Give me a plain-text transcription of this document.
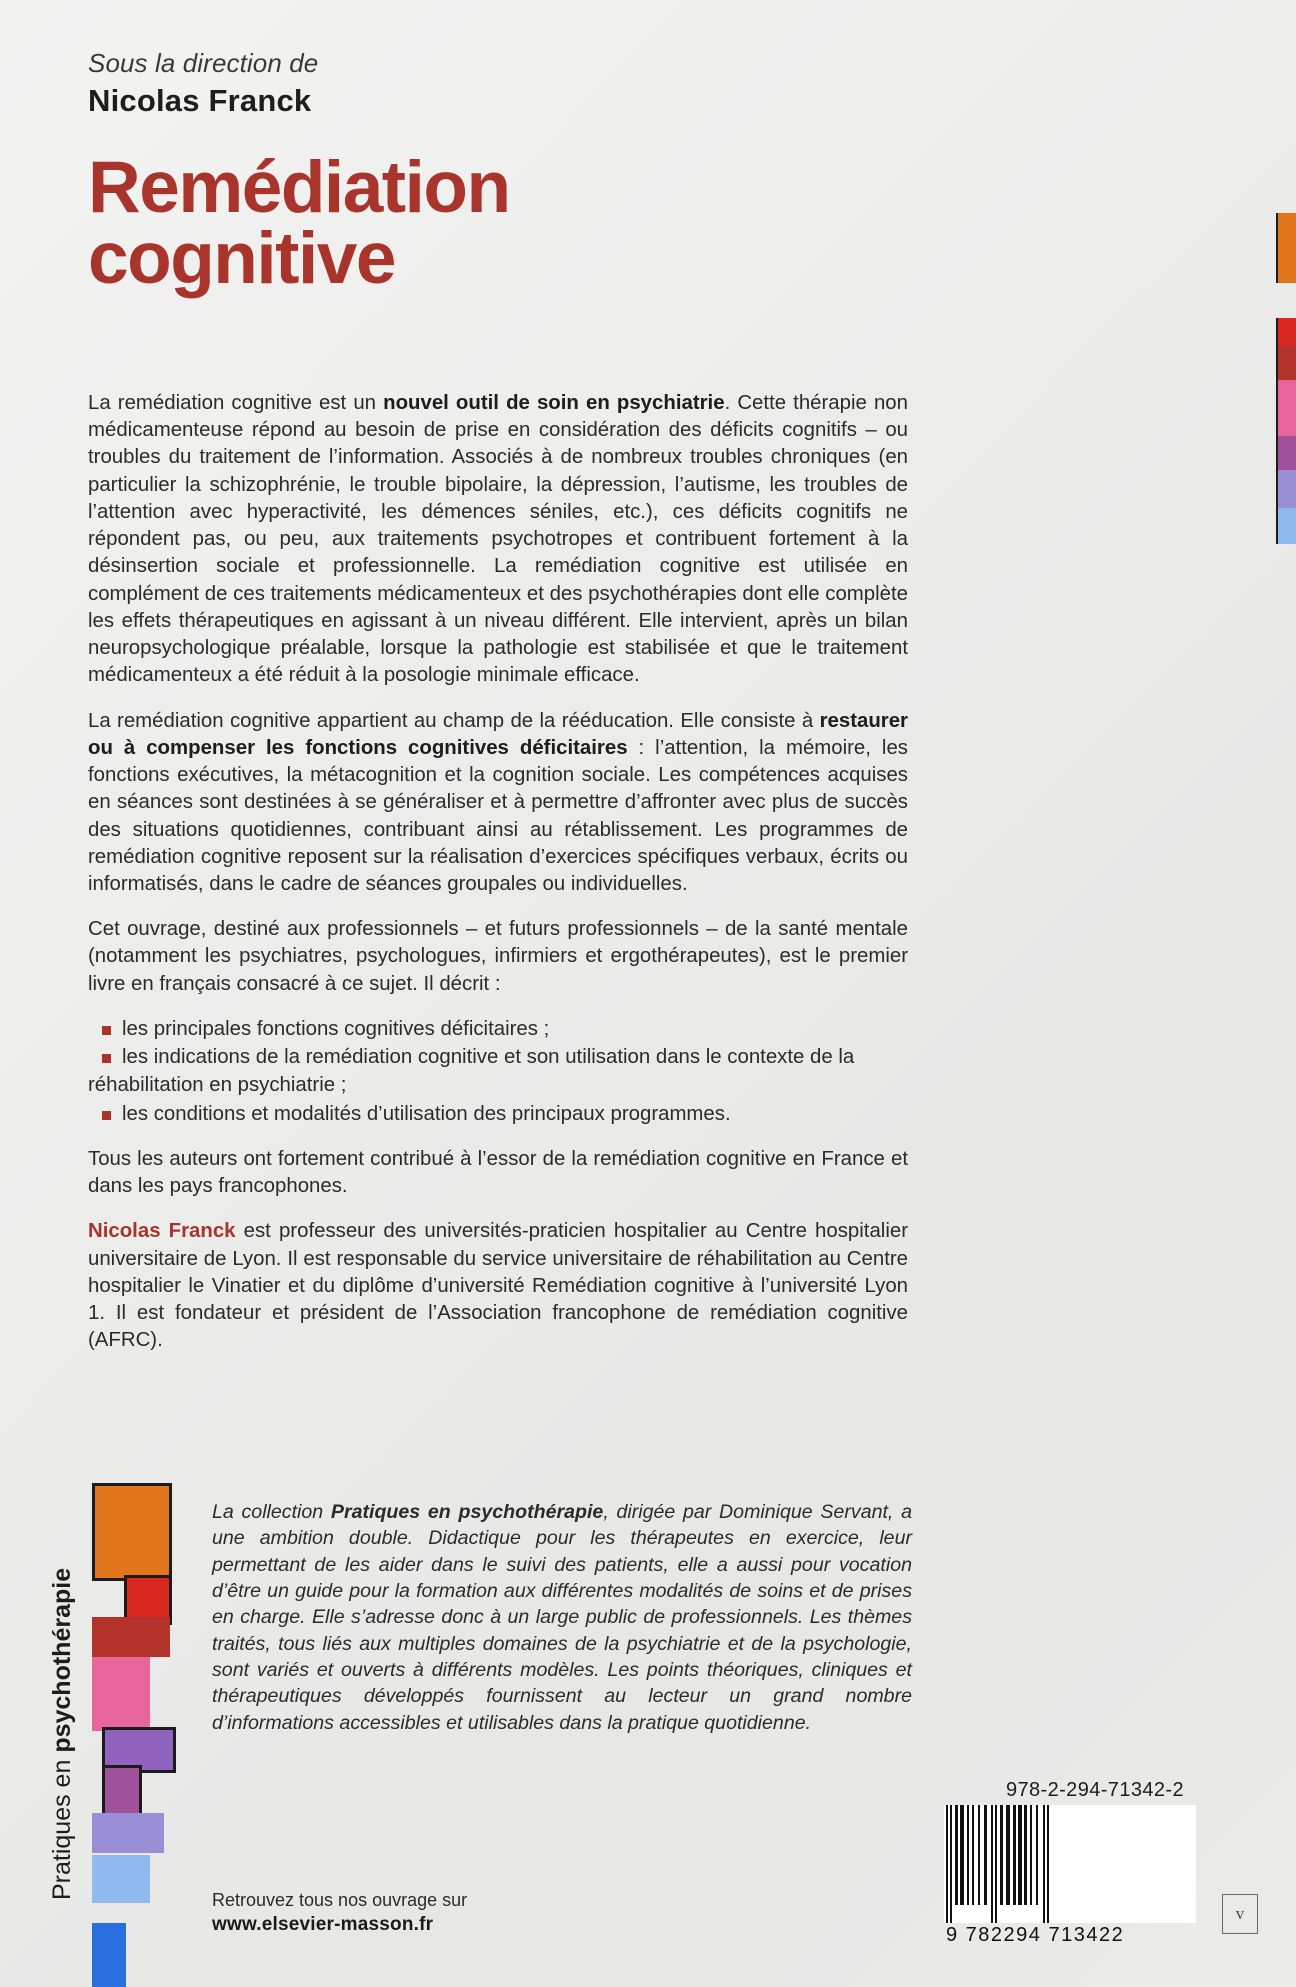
Sous la direction de
Nicolas Franck
Remédiation
cognitive

La remédiation cognitive est un nouvel outil de soin en psychiatrie. Cette thérapie non médicamenteuse répond au besoin de prise en considération des déficits cognitifs – ou troubles du traitement de l’information. Associés à de nombreux troubles chroniques (en particulier la schizophrénie, le trouble bipolaire, la dépression, l’autisme, les troubles de l’attention avec hyperactivité, les démences séniles, etc.), ces déficits cognitifs ne répondent pas, ou peu, aux traitements psychotropes et contribuent fortement à la désinsertion sociale et professionnelle. La remédiation cognitive est utilisée en complément de ces traitements médicamenteux et des psychothérapies dont elle complète les effets thérapeutiques en agissant à un niveau différent. Elle intervient, après un bilan neuropsychologique préalable, lorsque la pathologie est stabilisée et que le traitement médicamenteux a été réduit à la posologie minimale efficace.

La remédiation cognitive appartient au champ de la rééducation. Elle consiste à restaurer ou à compenser les fonctions cognitives déficitaires : l’attention, la mémoire, les fonctions exécutives, la métacognition et la cognition sociale. Les compétences acquises en séances sont destinées à se généraliser et à permettre d’affronter avec plus de succès des situations quotidiennes, contribuant ainsi au rétablissement. Les programmes de remédiation cognitive reposent sur la réalisation d’exercices spécifiques verbaux, écrits ou informatisés, dans le cadre de séances groupales ou individuelles.

Cet ouvrage, destiné aux professionnels – et futurs professionnels – de la santé mentale (notamment les psychiatres, psychologues, infirmiers et ergothérapeutes), est le premier livre en français consacré à ce sujet. Il décrit :

les principales fonctions cognitives déficitaires ;
les indications de la remédiation cognitive et son utilisation dans le contexte de la
réhabilitation en psychiatrie ;
les conditions et modalités d’utilisation des principaux programmes.

Tous les auteurs ont fortement contribué à l’essor de la remédiation cognitive en France et dans les pays francophones.

Nicolas Franck est professeur des universités-praticien hospitalier au Centre hospitalier universitaire de Lyon. Il est responsable du service universitaire de réhabilitation au Centre hospitalier le Vinatier et du diplôme d’université Remédiation cognitive à l’université Lyon 1. Il est fondateur et président de l’Association francophone de remédiation cognitive (AFRC).

Pratiques en psychothérapie
La collection Pratiques en psychothérapie, dirigée par Dominique Servant, a une ambition double. Didactique pour les thérapeutes en exercice, leur permettant de les aider dans le suivi des patients, elle a aussi pour vocation d’être un guide pour la formation aux différentes modalités de soins et de prises en charge. Elle s’adresse donc à un large public de professionnels. Les thèmes traités, tous liés aux multiples domaines de la psychiatrie et de la psychologie, sont variés et ouverts à différents modèles. Les points théoriques, cliniques et thérapeutiques développés fournissent au lecteur un grand nombre d’informations accessibles et utilisables dans la pratique quotidienne.
Retrouvez tous nos ouvrage sur
www.elsevier-masson.fr
978-2-294-71342-2
9 782294 713422
v
